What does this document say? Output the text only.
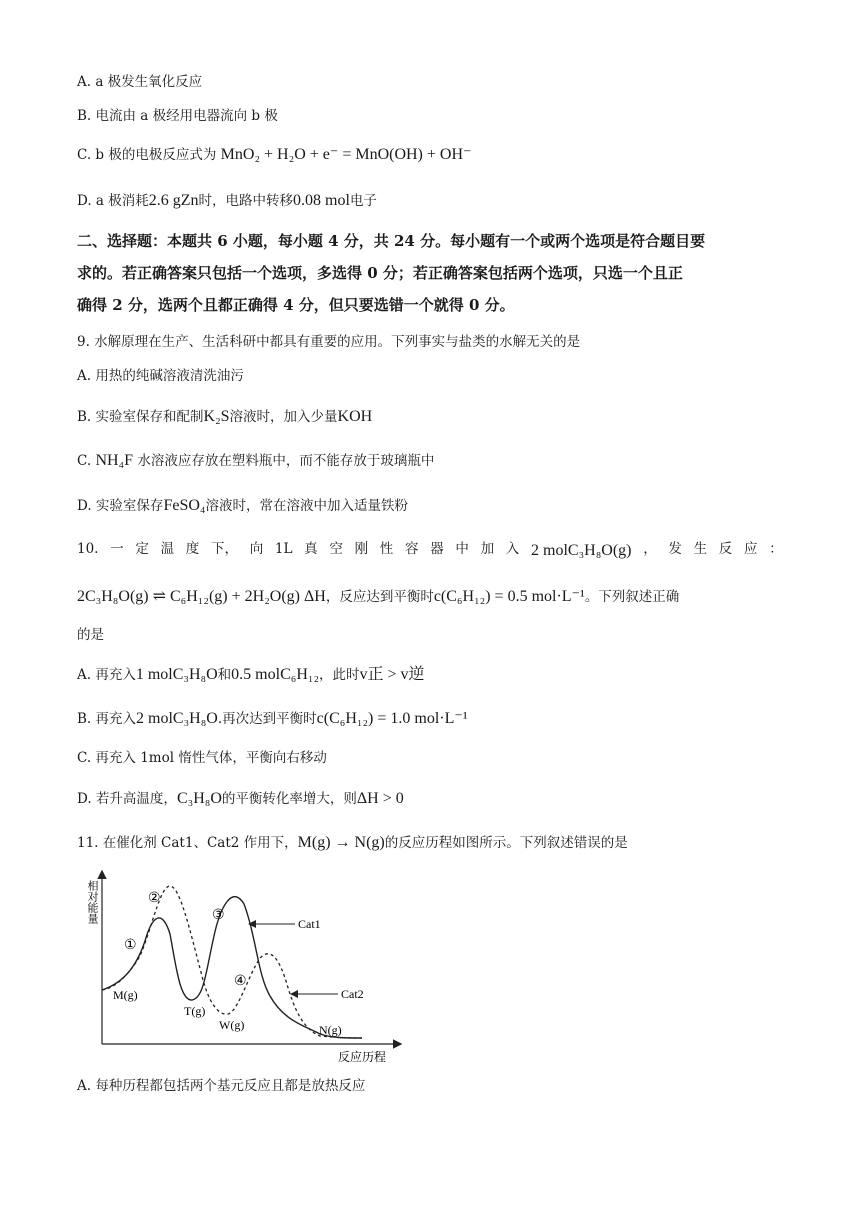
A. a 极发生氧化反应
B. 电流由 a 极经用电器流向 b 极
C. b 极的电极反应式为 MnO₂ + H₂O + e⁻ = MnO(OH) + OH⁻
D. a 极消耗2.6 gZn时，电路中转移0.08 mol电子
二、选择题：本题共 6 小题，每小题 4 分，共 24 分。每小题有一个或两个选项是符合题目要
求的。若正确答案只包括一个选项，多选得 0 分；若正确答案包括两个选项，只选一个且正
确得 2 分，选两个且都正确得 4 分，但只要选错一个就得 0 分。
9. 水解原理在生产、生活科研中都具有重要的应用。下列事实与盐类的水解无关的是
A. 用热的纯碱溶液清洗油污
B. 实验室保存和配制K₂S溶液时，加入少量KOH
C. NH₄F 水溶液应存放在塑料瓶中，而不能存放于玻璃瓶中
D. 实验室保存FeSO₄溶液时，常在溶液中加入适量铁粉
10. 一 定 温 度 下， 向 1L 真 空 刚 性 容 器 中 加 入 2 molC₃H₈O(g) ， 发 生 反 应 ：
2C₃H₈O(g) ⇌ C₆H₁₂(g) + 2H₂O(g) ΔH，反应达到平衡时c(C₆H₁₂) = 0.5 mol·L⁻¹。下列叙述正确
的是
A. 再充入1 molC₃H₈O和0.5 molC₆H₁₂，此时v正 > v逆
B. 再充入2 molC₃H₈O.再次达到平衡时c(C₆H₁₂) = 1.0 mol·L⁻¹
C. 再充入 1mol 惰性气体，平衡向右移动
D. 若升高温度，C₃H₈O的平衡转化率增大，则ΔH > 0
11. 在催化剂 Cat1、Cat2 作用下，M(g) → N(g)的反应历程如图所示。下列叙述错误的是
相对能量
反应历程
M(g)
T(g)
W(g)	N(g)
①
②
③
④
Cat1
Cat2
A. 每种历程都包括两个基元反应且都是放热反应
